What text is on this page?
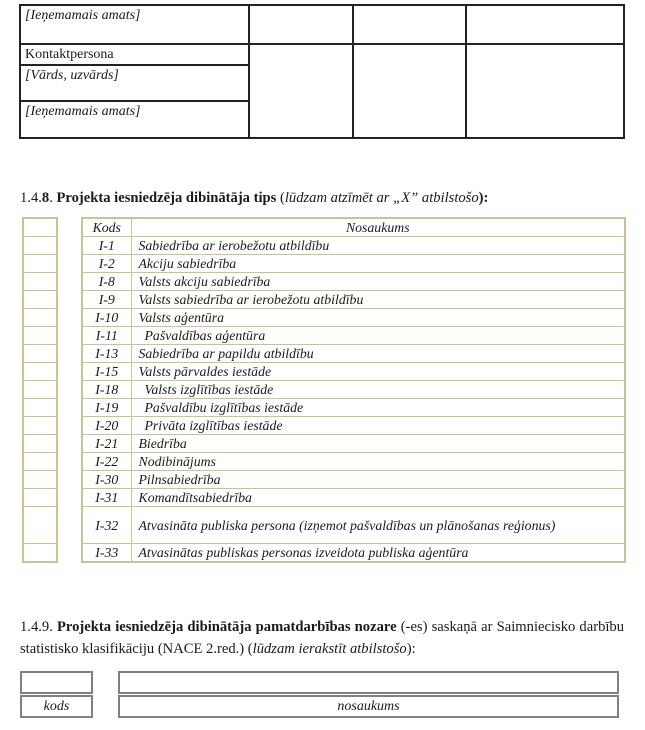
[Ieņemamais amats]			
Kontaktpersona			
[Vārds, uzvārds]			
[Ieņemamais amats]			
1.4.8. Projekta iesniedzēja dibinātāja tips (lūdzam atzīmēt ar „X” atbilstošo):

Kods	Nosaukums
I-1	Sabiedrība ar ierobežotu atbildību
I-2	Akciju sabiedrība
I-8	Valsts akciju sabiedrība
I-9	Valsts sabiedrība ar ierobežotu atbildību
I-10	Valsts aģentūra
I-11	Pašvaldības aģentūra
I-13	Sabiedrība ar papildu atbildību
I-15	Valsts pārvaldes iestāde
I-18	Valsts izglītības iestāde
I-19	Pašvaldību izglītības iestāde
I-20	Privāta izglītības iestāde
I-21	Biedrība
I-22	Nodibinājums
I-30	Pilnsabiedrība
I-31	Komandītsabiedrība
I-32	Atvasināta publiska persona (izņemot pašvaldības un plānošanas reģionus)
I-33	Atvasinātas publiskas personas izveidota publiska aģentūra
1.4.9. Projekta iesniedzēja dibinātāja pamatdarbības nozare (-es) saskaņā ar Saimniecisko darbību statistisko klasifikāciju (NACE 2.red.) (lūdzam ierakstīt atbilstošo):
kods	nosaukums
